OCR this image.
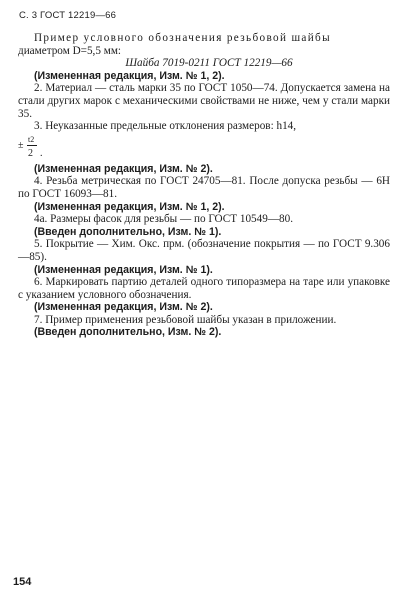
С. 3 ГОСТ 12219—66

Пример условного обозначения резьбовой шайбы

диаметром D=5,5 мм:

Шайба 7019-0211 ГОСТ 12219—66

(Измененная редакция, Изм. № 1, 2).

2. Материал — сталь марки 35 по ГОСТ 1050—74. Допускается замена на стали других марок с механическими свойствами не ниже, чем у стали марки 35.

3. Неуказанные предельные отклонения размеров: h14,

±
t2
2 .

(Измененная редакция, Изм. № 2).

4. Резьба метрическая по ГОСТ 24705—81. После допуска резьбы — 6Н по ГОСТ 16093—81.

(Измененная редакция, Изм. № 1, 2).

4а. Размеры фасок для резьбы — по ГОСТ 10549—80.

(Введен дополнительно, Изм. № 1).

5. Покрытие — Хим. Окс. прм. (обозначение покрытия — по ГОСТ 9.306—85).

(Измененная редакция, Изм. № 1).

6. Маркировать партию деталей одного типоразмера на таре или упаковке с указанием условного обозначения.

(Измененная редакция, Изм. № 2).

7. Пример применения резьбовой шайбы указан в приложении.

(Введен дополнительно, Изм. № 2).

154
